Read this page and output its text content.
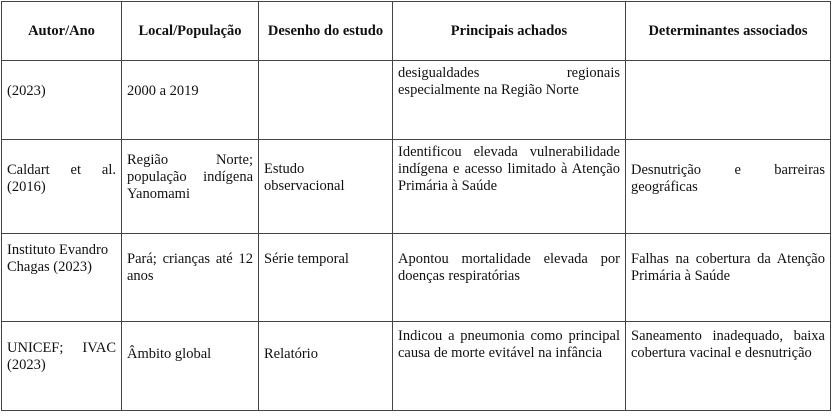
Autor/Ano	Local/População	Desenho do estudo	Principais achados	Determinantes associados
(2023)	2000 a 2019		desigualdades regionais especialmente na Região Norte	
Caldart et al. (2016)	Região Norte; população indígena Yanomami	Estudo observacional	Identificou elevada vulnerabilidade indígena e acesso limitado à Atenção Primária à Saúde	Desnutrição e barreiras geográficas
Instituto Evandro Chagas (2023)	Pará; crianças até 12 anos	Série temporal	Apontou mortalidade elevada por doenças respiratórias	Falhas na cobertura da Atenção Primária à Saúde
UNICEF; IVAC (2023)	Âmbito global	Relatório	Indicou a pneumonia como principal causa de morte evitável na infância	Saneamento inadequado, baixa cobertura vacinal e desnutrição
